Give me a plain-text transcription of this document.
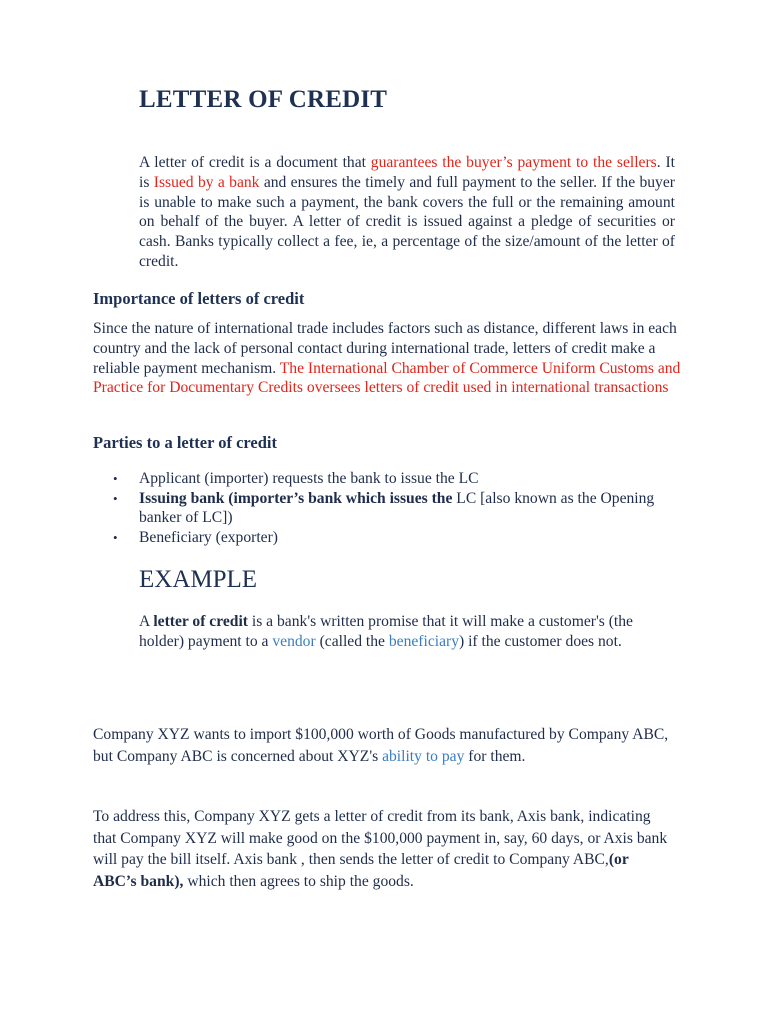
LETTER OF CREDIT

A letter of credit is a document that guarantees the buyer’s payment to the sellers. It is Issued by a bank and ensures the timely and full payment to the seller. If the buyer is unable to make such a payment, the bank covers the full or the remaining amount on behalf of the buyer. A letter of credit is issued against a pledge of securities or cash. Banks typically collect a fee, ie, a percentage of the size/amount of the letter of credit.

Importance of letters of credit

Since the nature of international trade includes factors such as distance, different laws in each country and the lack of personal contact during international trade, letters of credit make a reliable payment mechanism. The International Chamber of Commerce Uniform Customs and Practice for Documentary Credits oversees letters of credit used in international transactions

Parties to a letter of credit
• Applicant (importer) requests the bank to issue the LC
• Issuing bank (importer’s bank which issues the LC [also known as the Opening banker of LC])
• Beneficiary (exporter)
EXAMPLE

A letter of credit is a bank's written promise that it will make a customer's (the holder) payment to a vendor (called the beneficiary) if the customer does not.

Company XYZ wants to import $100,000 worth of Goods manufactured by Company ABC, but Company ABC is concerned about XYZ's ability to pay for them.

To address this, Company XYZ gets a letter of credit from its bank, Axis bank, indicating that Company XYZ will make good on the $100,000 payment in, say, 60 days, or Axis bank will pay the bill itself. Axis bank , then sends the letter of credit to Company ABC,(or ABC’s bank), which then agrees to ship the goods.
